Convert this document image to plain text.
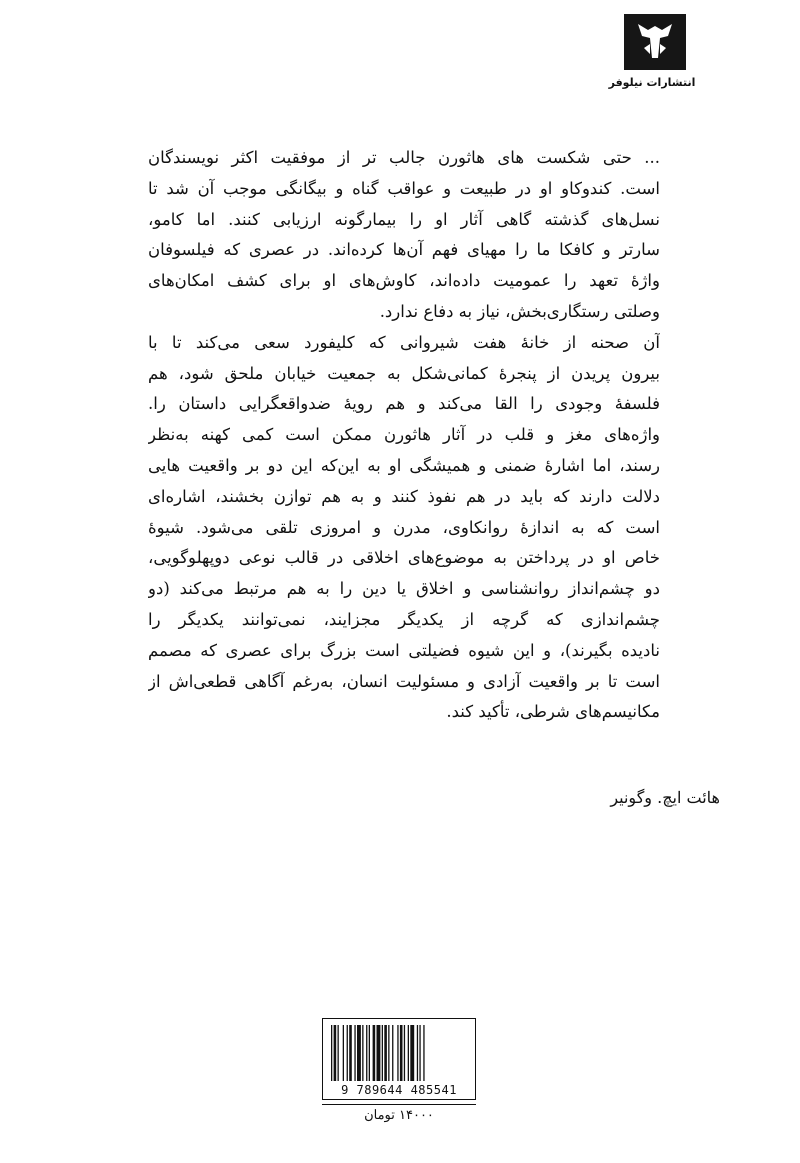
انتشارات نیلوفر
... حتی شکست های هاثورن جالب تر از موفقیت اکثر نویسندگان
است. کندوکاو او در طبیعت و عواقب گناه و بیگانگی موجب آن شد تا
نسل‌های گذشته گاهی آثار او را بیمارگونه ارزیابی کنند. اما کامو،
سارتر و کافکا ما را مهیای فهم آن‌ها کرده‌اند. در عصری که فیلسوفان
واژهٔ تعهد را عمومیت داده‌اند، کاوش‌های او برای کشف امکان‌های
وصلتی رستگاری‌بخش، نیاز به دفاع ندارد.
آن صحنه از خانهٔ هفت شیروانی که کلیفورد سعی می‌کند تا با
بیرون پریدن از پنجرهٔ کمانی‌شکل به جمعیت خیابان ملحق شود، هم
فلسفهٔ وجودی را القا می‌کند و هم رویهٔ ضدواقعگرایی داستان را.
واژه‌های مغز و قلب در آثار هاثورن ممکن است کمی کهنه به‌نظر
رسند، اما اشارهٔ ضمنی و همیشگی او به این‌که این دو بر واقعیت هایی
دلالت دارند که باید در هم نفوذ کنند و به هم توازن بخشند، اشاره‌ای
است که به اندازهٔ روانکاوی، مدرن و امروزی تلقی می‌شود. شیوهٔ
خاص او در پرداختن به موضوع‌های اخلاقی در قالب نوعی دوپهلوگویی،
دو چشم‌انداز روانشناسی و اخلاق یا دین را به هم مرتبط می‌کند (دو
چشم‌اندازی که گرچه از یکدیگر مجزایند، نمی‌توانند یکدیگر را
نادیده بگیرند)، و این شیوه فضیلتی است بزرگ برای عصری که مصمم
است تا بر واقعیت آزادی و مسئولیت انسان، به‌رغم آگاهی قطعی‌اش از
مکانیسم‌های شرطی، تأکید کند.
هائت ایچ. وگونیر
9 789644 485541
۱۴۰۰۰ تومان
